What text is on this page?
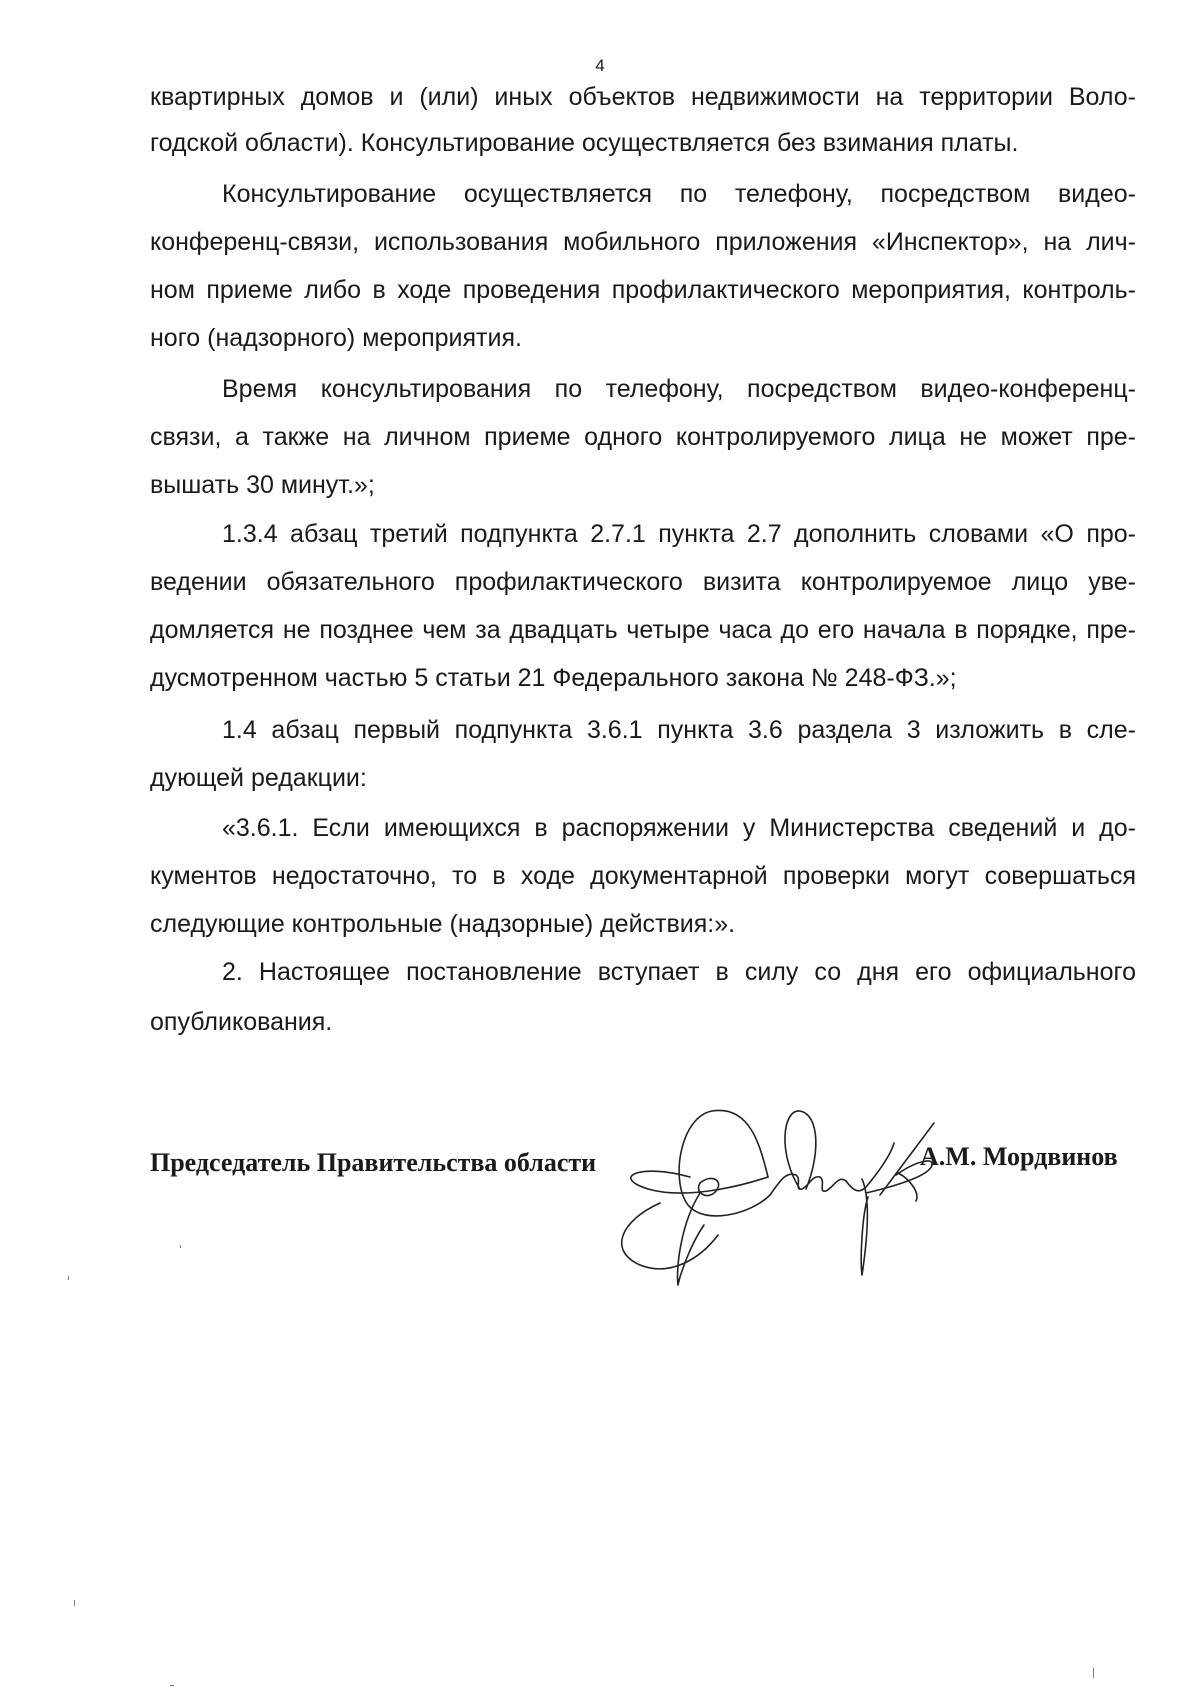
4
квартирных домов и (или) иных объектов недвижимости на территории Воло-
годской области). Консультирование осуществляется без взимания платы.
Консультирование осуществляется по телефону, посредством видео-
конференц-связи, использования мобильного приложения «Инспектор», на лич-
ном приеме либо в ходе проведения профилактического мероприятия, контроль-
ного (надзорного) мероприятия.
Время консультирования по телефону, посредством видео-конференц-
связи, а также на личном приеме одного контролируемого лица не может пре-
вышать 30 минут.»;
1.3.4 абзац третий подпункта 2.7.1 пункта 2.7 дополнить словами «О про-
ведении обязательного профилактического визита контролируемое лицо уве-
домляется не позднее чем за двадцать четыре часа до его начала в порядке, пре-
дусмотренном частью 5 статьи 21 Федерального закона № 248-ФЗ.»;
1.4 абзац первый подпункта 3.6.1 пункта 3.6 раздела 3 изложить в сле-
дующей редакции:
«3.6.1. Если имеющихся в распоряжении у Министерства сведений и до-
кументов недостаточно, то в ходе документарной проверки могут совершаться
следующие контрольные (надзорные) действия:».
2. Настоящее постановление вступает в силу со дня его официального
опубликования.
Председатель Правительства области	А.М. Мордвинов
